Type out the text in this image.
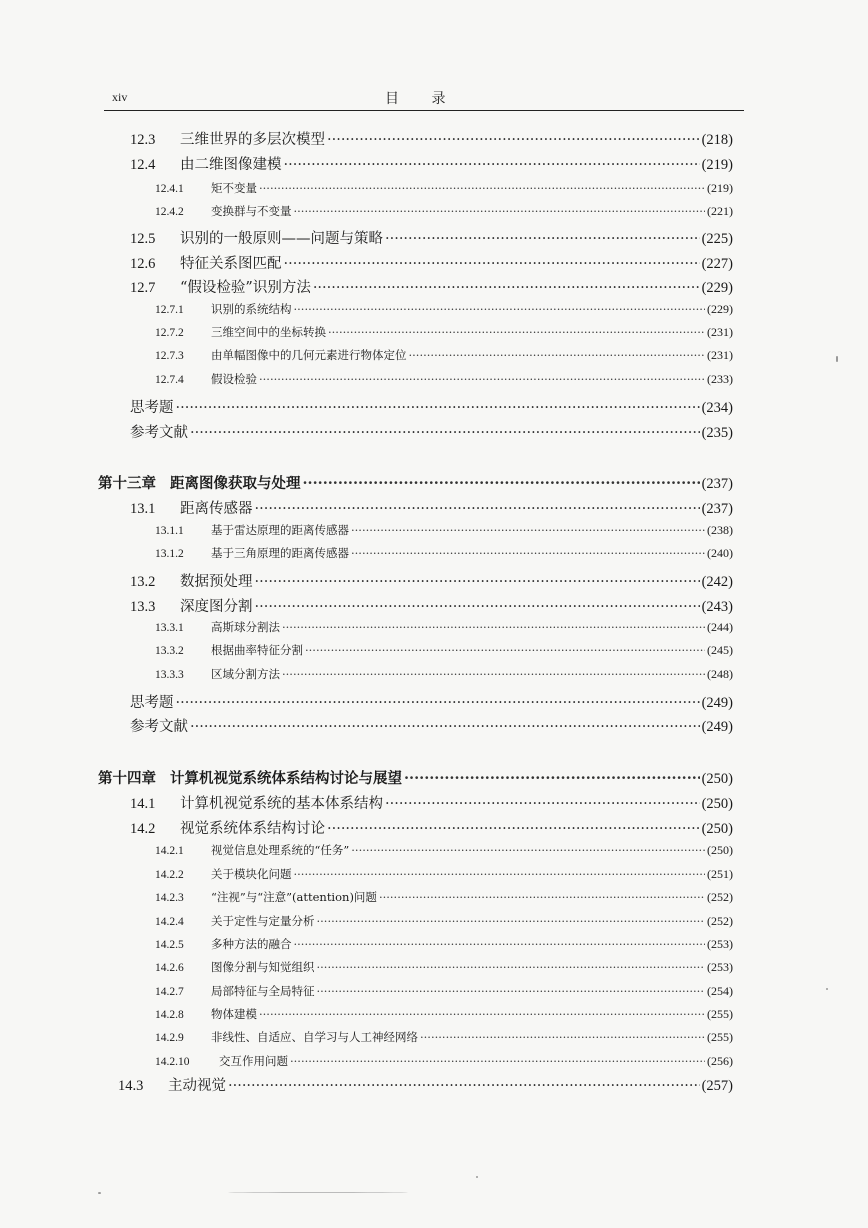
xiv	目 录
12.3	三维世界的多层次模型 ·····	(218)
12.4	由二维图像建模 ·····	(219)
12.4.1	矩不变量 ·····	(219)
12.4.2	变换群与不变量 ·····	(221)
12.5	识别的一般原则——问题与策略 ·····	(225)
12.6	特征关系图匹配 ·····	(227)
12.7	“假设检验”识别方法 ·····	(229)
12.7.1	识别的系统结构 ·····	(229)
12.7.2	三维空间中的坐标转换 ·····	(231)
12.7.3	由单幅图像中的几何元素进行物体定位 ·····	(231)
12.7.4	假设检验 ·····	(233)
思考题 ·····	(234)
参考文献 ·····	(235)
第十三章 距离图像获取与处理 ·····	(237)
13.1	距离传感器 ·····	(237)
13.1.1	基于雷达原理的距离传感器 ·····	(238)
13.1.2	基于三角原理的距离传感器 ·····	(240)
13.2	数据预处理 ·····	(242)
13.3	深度图分割 ·····	(243)
13.3.1	高斯球分割法 ·····	(244)
13.3.2	根据曲率特征分割 ·····	(245)
13.3.3	区域分割方法 ·····	(248)
思考题 ·····	(249)
参考文献 ·····	(249)
第十四章 计算机视觉系统体系结构讨论与展望 ·····	(250)
14.1	计算机视觉系统的基本体系结构 ·····	(250)
14.2	视觉系统体系结构讨论 ·····	(250)
14.2.1	视觉信息处理系统的“任务” ·····	(250)
14.2.2	关于模块化问题 ·····	(251)
14.2.3	“注视”与“注意”(attention)问题 ·····	(252)
14.2.4	关于定性与定量分析 ·····	(252)
14.2.5	多种方法的融合 ·····	(253)
14.2.6	图像分割与知觉组织 ·····	(253)
14.2.7	局部特征与全局特征 ·····	(254)
14.2.8	物体建模 ·····	(255)
14.2.9	非线性、自适应、自学习与人工神经网络 ·····	(255)
14.2.10	交互作用问题 ·····	(256)
14.3	主动视觉 ·····	(257)
